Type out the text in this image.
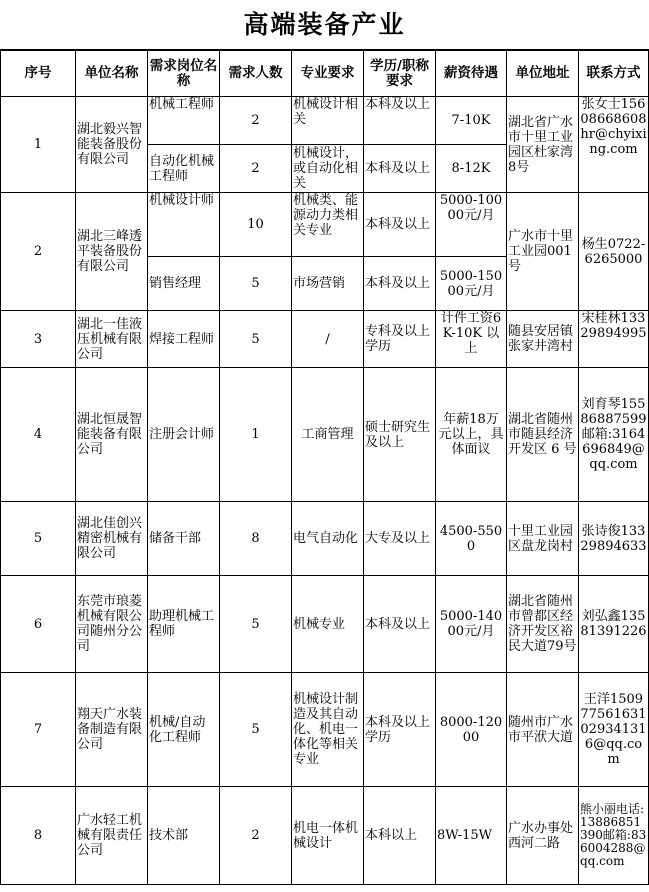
高端装备产业
序号	单位名称	需求岗位名称	需求人数	专业要求	学历/职称要求	薪资待遇	单位地址	联系方式
1	湖北毅兴智能装备股份有限公司	机械工程师	2	机械设计相关	本科及以上	7-10K	湖北省广水市十里工业园区杜家湾8号	张女士15608668608hr@chyixing.com
		自动化机械工程师	2	机械设计，或自动化相关	本科及以上	8-12K		
2	湖北三峰透平装备股份有限公司	机械设计师	10	机械类、能源动力类相关专业	本科及以上	5000-10000元/月	广水市十里工业园001号	杨生0722-6265000
		销售经理	5	市场营销	本科及以上	5000-15000元/月		
3	湖北一佳液压机械有限公司	焊接工程师	5	/	专科及以上学历	计件工资6K-10K 以上	随县安居镇张家井湾村	宋桂林13329894995
4	湖北恒晟智能装备有限公司	注册会计师	1	工商管理	硕士研究生及以上	年薪18万元以上，具体面议	湖北省随州市随县经济开发区 6 号	刘育琴15586887599邮箱:3164696849@qq.com
5	湖北佳创兴精密机械有限公司	储备干部	8	电气自动化	大专及以上	4500-5500	十里工业园区盘龙岗村	张诗俊13329894633
6	东莞市琅菱机械有限公司随州分公司	助理机械工程师	5	机械专业	本科及以上	5000-14000元/月	湖北省随州市曾都区经济开发区裕民大道79号	刘弘鑫13581391226
7	翔天广水装备制造有限公司	机械/自动化工程师	5	机械设计制造及其自动化、机电一体化等相关专业	本科及以上学历	8000-12000	随州市广水市平洑大道	王洋150977561631029341316@qq.com
8	广水轻工机械有限责任公司	技术部	2	机电一体机械设计	本科以上	8W-15W	广水办事处西河二路	熊小丽电话:13886851390邮箱:836004288@qq.com
